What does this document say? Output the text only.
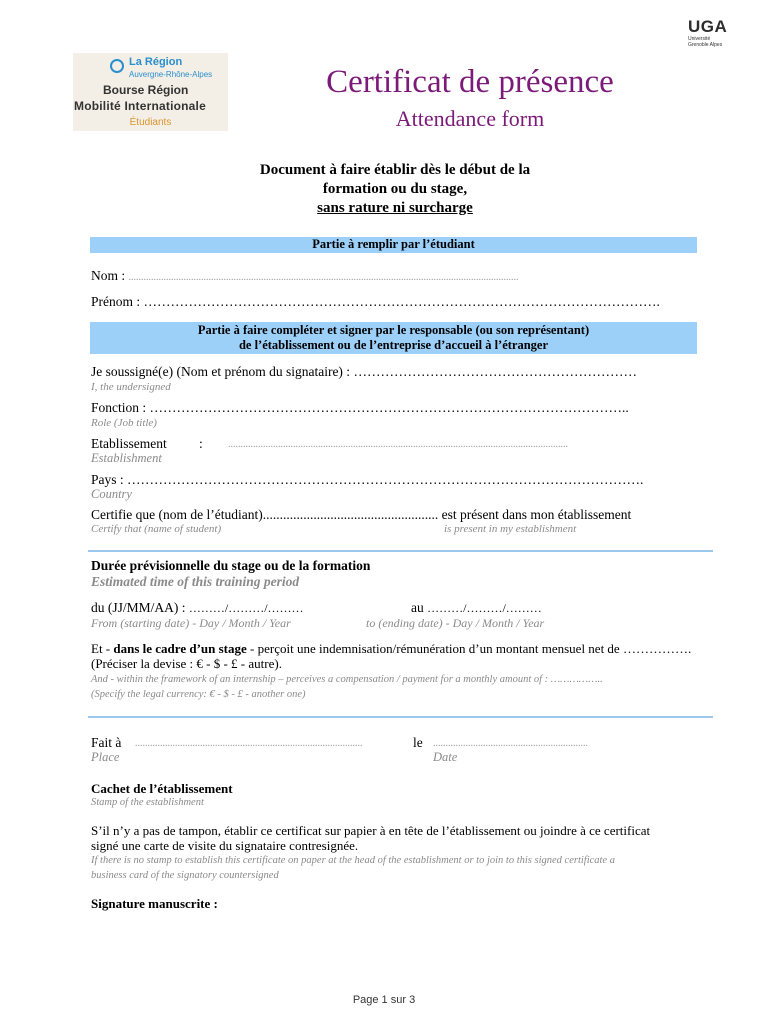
La Région
Auvergne-Rhône-Alpes
Bourse Région
Mobilité Internationale
Étudiants
UGA
Université
Grenoble Alpes
Certificat de présence
Attendance form
Document à faire établir dès le début de la
formation ou du stage,
sans rature ni surcharge
Partie à remplir par l’étudiant
Nom : ............................................................................................................................................................
Prénom : …………………………………………………………………………………………………….
Partie à faire compléter et signer par le responsable (ou son représentant)
de l’établissement ou de l’entreprise d’accueil à l’étranger
Je soussigné(e) (Nom et prénom du signataire) : ………………………………………………………
I, the undersigned
Fonction : ……………………………………………………………………………………………..
Role (Job title)
Etablissement :	........................................................................................................................................
Establishment
Pays : …………………………………………………………………………………………………….
Country
Certifie que (nom de l’étudiant).................................................... est présent dans mon établissement
Certify that (name of student)	is present in my establishment
Durée prévisionnelle du stage ou de la formation
Estimated time of this training period
du (JJ/MM/AA) : ………/………/………	au ………/………/………
From (starting date) - Day / Month / Year	to (ending date) - Day / Month / Year
Et - dans le cadre d’un stage - perçoit une indemnisation/rémunération d’un montant mensuel net de …………….
(Préciser la devise : € - $ - £ - autre).
And - within the framework of an internship – perceives a compensation / payment for a monthly amount of : ……………..
(Specify the legal currency: € - $ - £ - another one)
Fait à ...........................................................................................	le ..............................................................
Place	Date
Cachet de l’établissement
Stamp of the establishment
S’il n’y a pas de tampon, établir ce certificat sur papier à en tête de l’établissement ou joindre à ce certificat
signé une carte de visite du signataire contresignée.
If there is no stamp to establish this certificate on paper at the head of the establishment or to join to this signed certificate a
business card of the signatory countersigned
Signature manuscrite :
Page 1 sur 3
